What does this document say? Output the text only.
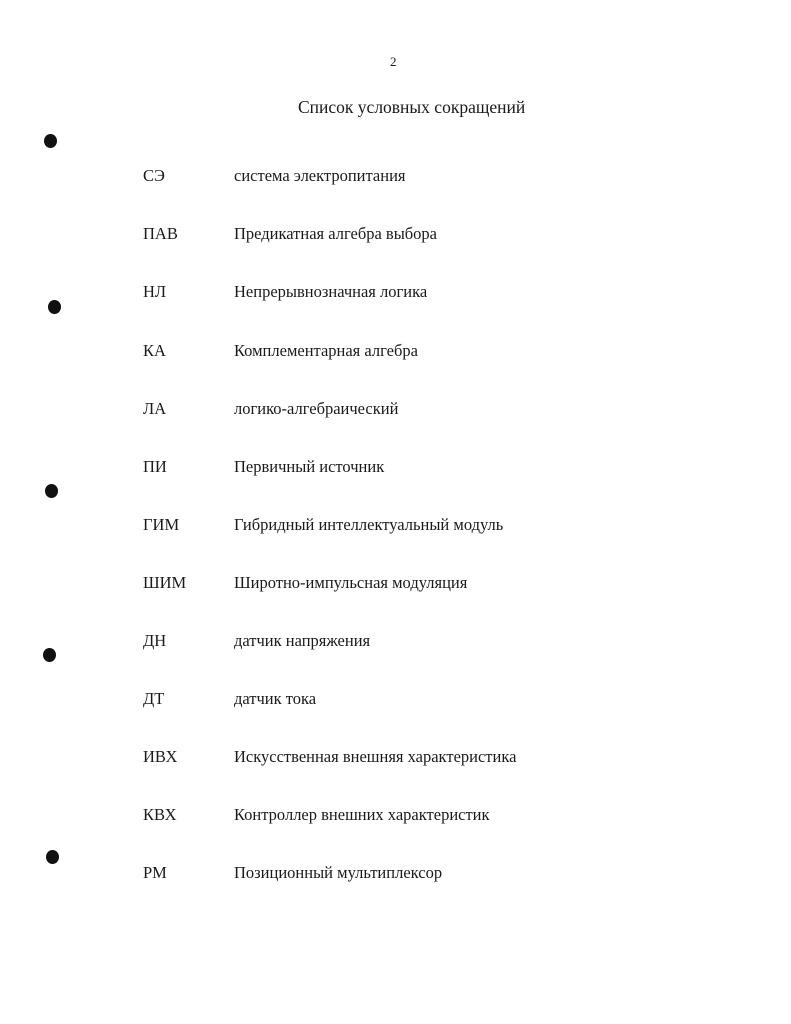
2
Список условных сокращений
СЭ	система электропитания
ПАВ	Предикатная алгебра выбора
НЛ	Непрерывнозначная логика
КА	Комплементарная алгебра
ЛА	логико-алгебраический
ПИ	Первичный источник
ГИМ	Гибридный интеллектуальный модуль
ШИМ	Широтно-импульсная модуляция
ДН	датчик напряжения
ДТ	датчик тока
ИВХ	Искусственная внешняя характеристика
КВХ	Контроллер внешних характеристик
РМ	Позиционный мультиплексор
